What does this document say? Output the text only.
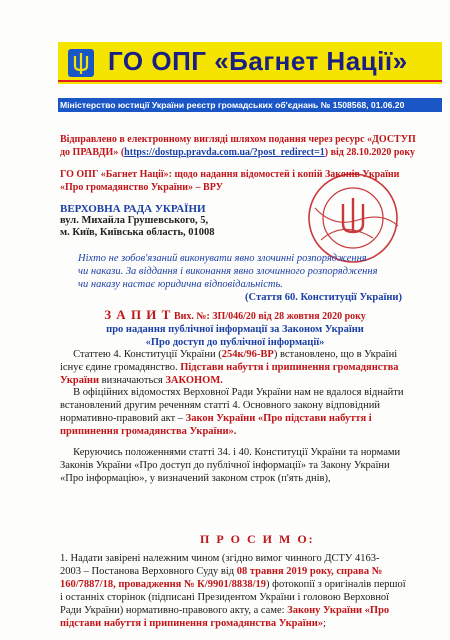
ГО ОПГ «Багнет Нації»
Міністерство юстиції України реєстр громадських об'єднань № 1508568, 01.06.20
Відправлено в електронному вигляді шляхом подання через ресурс «ДОСТУП
до ПРАВДИ» (https://dostup.pravda.com.ua/?post_redirect=1) від 28.10.2020 року
ГО ОПГ «Багнет Нації»: щодо надання відомостей і копій Законів України
«Про громадянство України» – ВРУ
ВЕРХОВНА РАДА УКРАЇНИ
вул. Михайла Грушевського, 5,
м. Київ, Київська область, 01008
Ніхто не зобов'язаний виконувати явно злочинні розпорядження
чи накази. За віддання і виконання явно злочинного розпорядження
чи наказу настає юридична відповідальність.
(Стаття 60. Конституції України)
З А П И Т Вих. №: ЗП/046/20 від 28 жовтня 2020 року
про надання публічної інформації за Законом України
«Про доступ до публічної інформації»
Статтею 4. Конституції України (254к/96-ВР) встановлено, що в Україні
існує єдине громадянство. Підстави набуття і припинення громадянства
України визначаються ЗАКОНОМ.
В офіційних відомостях Верховної Ради України нам не вдалося віднайти
встановлений другим реченням статті 4. Основного закону відповідний
нормативно-правовий акт – Закон України «Про підстави набуття і
припинення громадянства України».
Керуючись положеннями статті 34. і 40. Конституції України та нормами
Законів України «Про доступ до публічної інформації» та Закону України
«Про інформацію», у визначений законом строк (п'ять днів),
П Р О С И М О:
1. Надати завірені належним чином (згідно вимог чинного ДСТУ 4163-
2003 – Постанова Верховного Суду від 08 травня 2019 року, справа №
160/7887/18, провадження № К/9901/8838/19) фотокопії з оригіналів першої
і останніх сторінок (підписані Президентом України і головою Верховної
Ради України) нормативно-правового акту, а саме: Закону України «Про
підстави набуття і припинення громадянства України»;
